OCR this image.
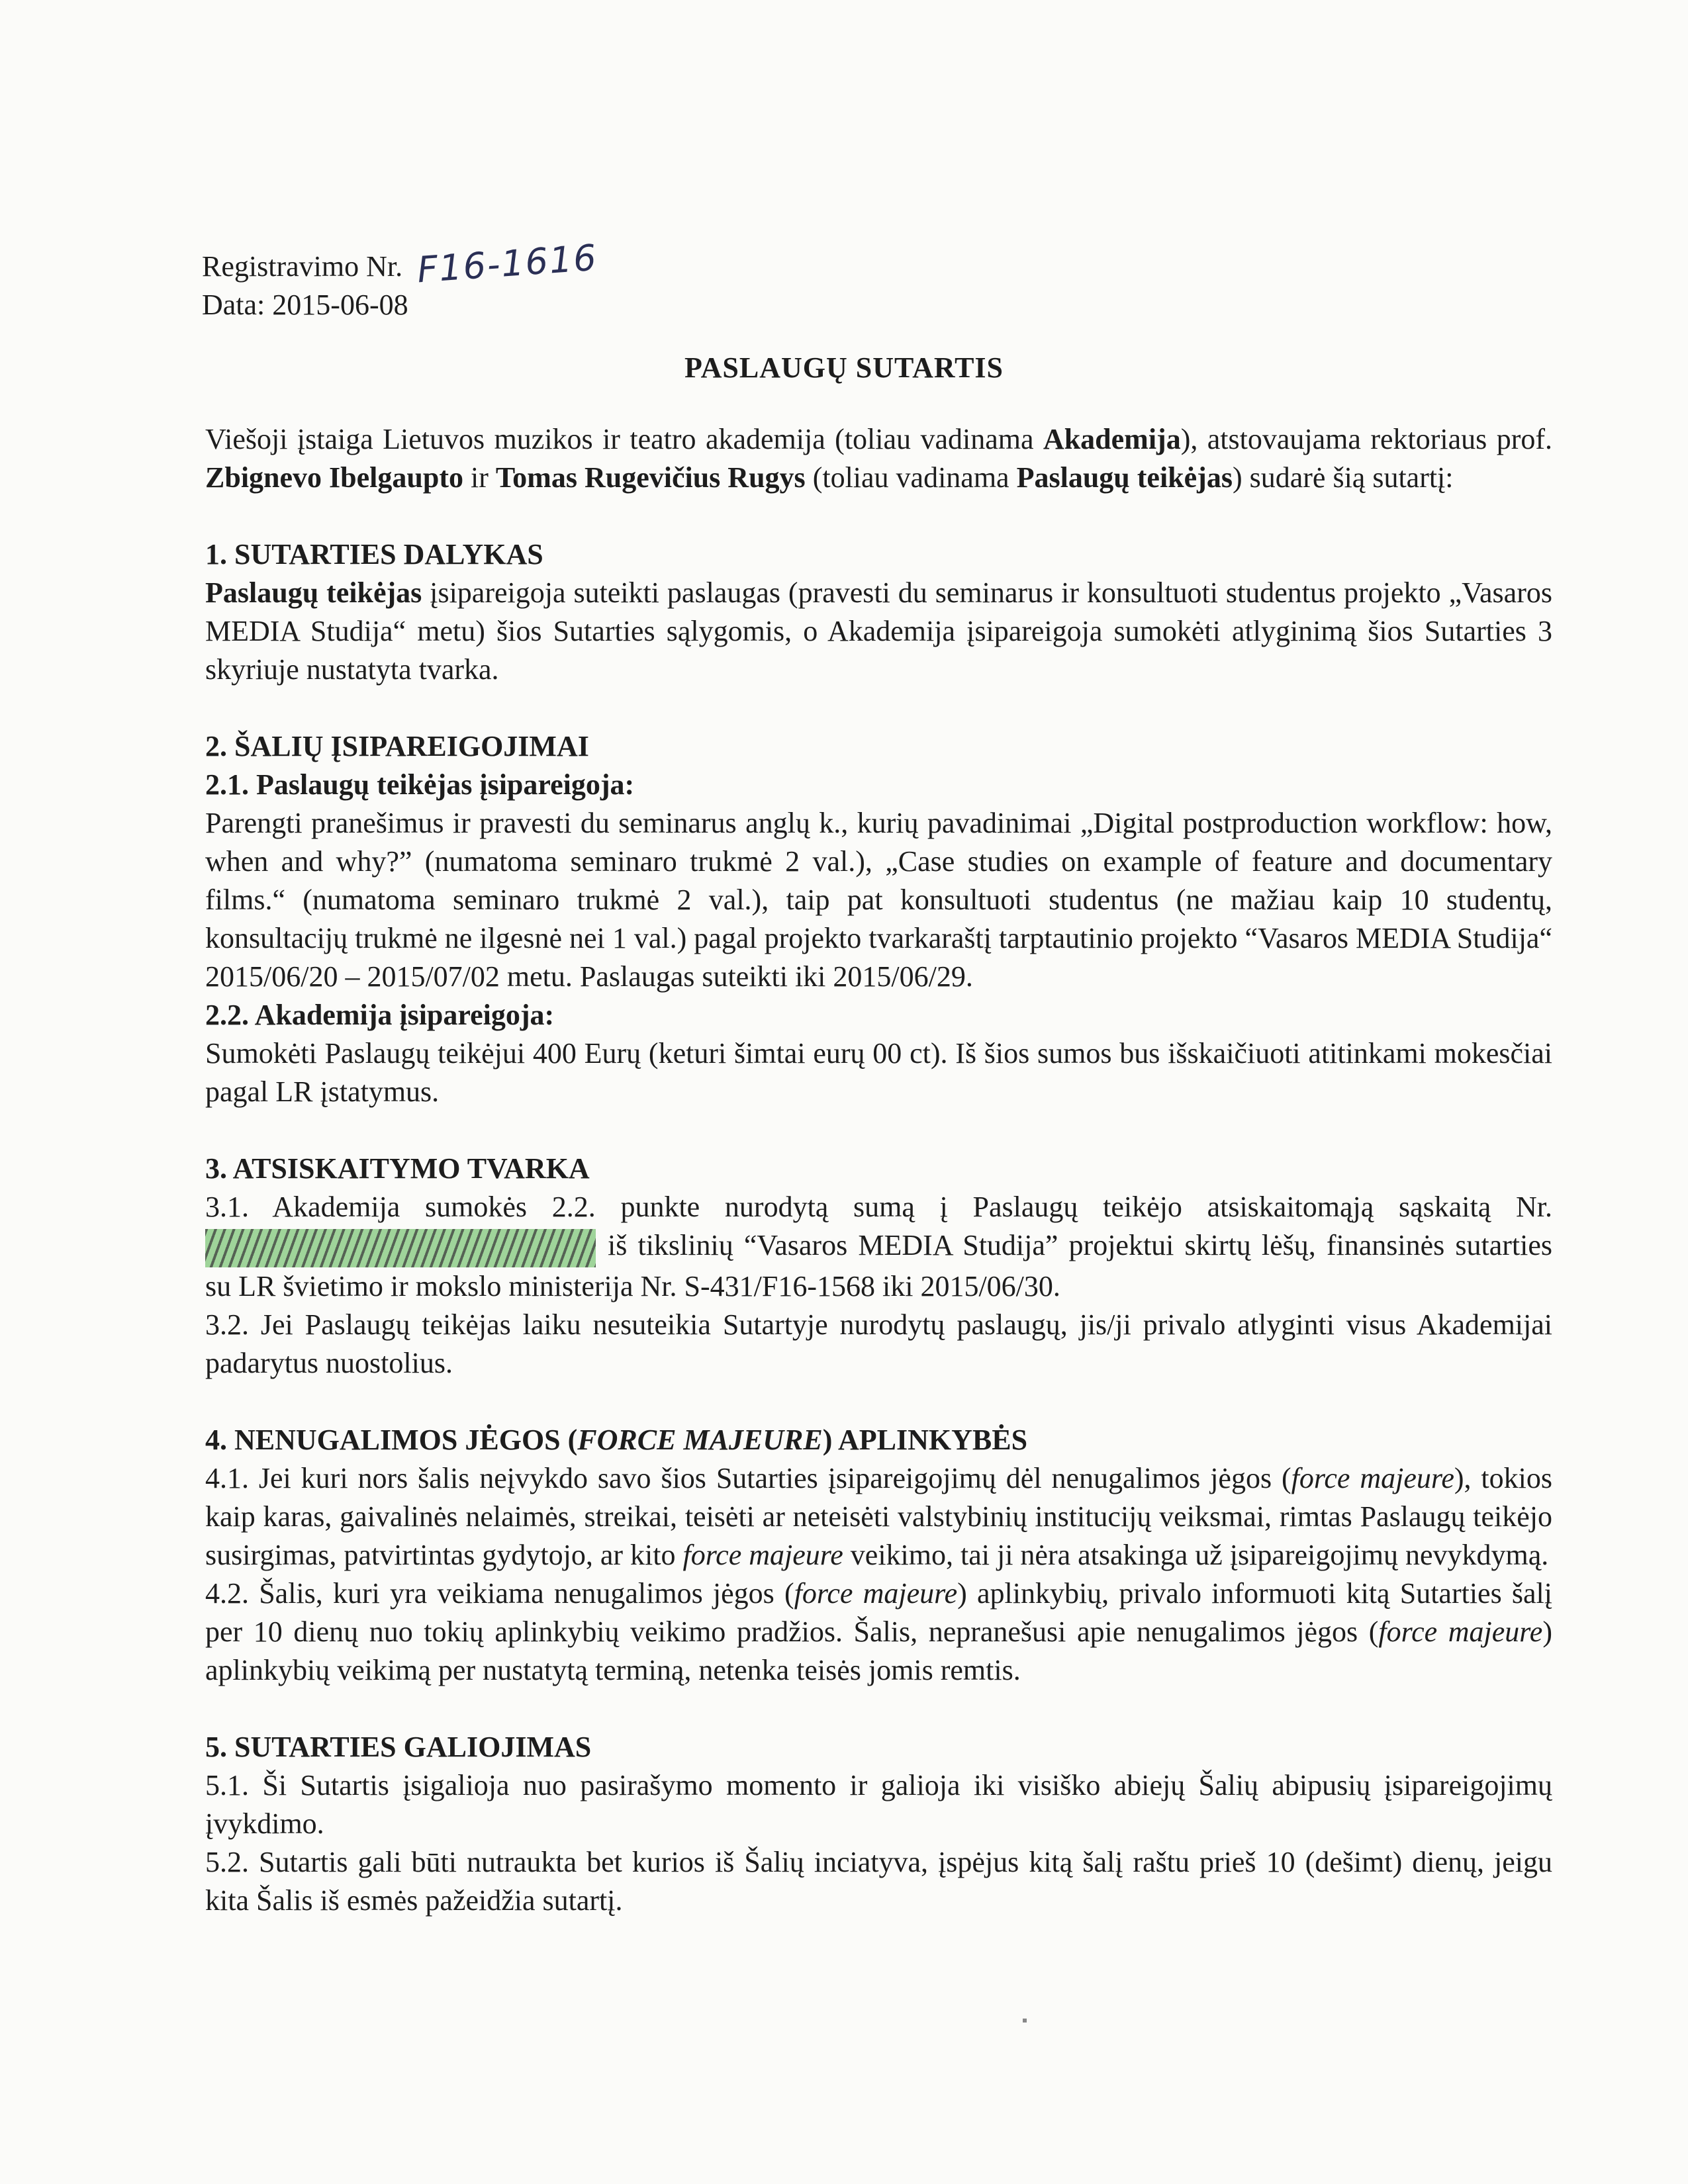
Registravimo Nr. F16-1616
Data:
2015-06-08
PASLAUGŲ SUTARTIS

Viešoji įstaiga Lietuvos muzikos ir teatro akademija (toliau vadinama Akademija), atstovaujama rektoriaus prof. Zbignevo Ibelgaupto ir Tomas Rugevičius Rugys (toliau vadinama Paslaugų teikėjas) sudarė šią sutartį:

1. SUTARTIES DALYKAS

Paslaugų teikėjas įsipareigoja suteikti paslaugas (pravesti du seminarus ir konsultuoti studentus projekto „Vasaros MEDIA Studija“ metu) šios Sutarties sąlygomis, o Akademija įsipareigoja sumokėti atlyginimą šios Sutarties 3 skyriuje nustatyta tvarka.

2. ŠALIŲ ĮSIPAREIGOJIMAI

2.1. Paslaugų teikėjas įsipareigoja:

Parengti pranešimus ir pravesti du seminarus anglų k., kurių pavadinimai „Digital postproduction workflow: how, when and why?” (numatoma seminaro trukmė 2 val.), „Case studies on example of feature and documentary films.“ (numatoma seminaro trukmė 2 val.), taip pat konsultuoti studentus (ne mažiau kaip 10 studentų, konsultacijų trukmė ne ilgesnė nei 1 val.) pagal projekto tvarkaraštį tarptautinio projekto “Vasaros MEDIA Studija“ 2015/06/20 – 2015/07/02 metu. Paslaugas suteikti iki 2015/06/29.

2.2. Akademija įsipareigoja:

Sumokėti Paslaugų teikėjui 400 Eurų (keturi šimtai eurų 00 ct). Iš šios sumos bus išskaičiuoti atitinkami mokesčiai pagal LR įstatymus.

3. ATSISKAITYMO TVARKA

3.1. Akademija sumokės 2.2. punkte nurodytą sumą į Paslaugų teikėjo atsiskaitomąją sąskaitą Nr. iš tikslinių “Vasaros MEDIA Studija” projektui skirtų lėšų, finansinės sutarties su LR švietimo ir mokslo ministerija Nr. S-431/F16-1568 iki 2015/06/30.

3.2. Jei Paslaugų teikėjas laiku nesuteikia Sutartyje nurodytų paslaugų, jis/ji privalo atlyginti visus Akademijai padarytus nuostolius.

4. NENUGALIMOS JĖGOS (FORCE MAJEURE) APLINKYBĖS

4.1. Jei kuri nors šalis neįvykdo savo šios Sutarties įsipareigojimų dėl nenugalimos jėgos (force majeure), tokios kaip karas, gaivalinės nelaimės, streikai, teisėti ar neteisėti valstybinių institucijų veiksmai, rimtas Paslaugų teikėjo susirgimas, patvirtintas gydytojo, ar kito force majeure veikimo, tai ji nėra atsakinga už įsipareigojimų nevykdymą.

4.2. Šalis, kuri yra veikiama nenugalimos jėgos (force majeure) aplinkybių, privalo informuoti kitą Sutarties šalį per 10 dienų nuo tokių aplinkybių veikimo pradžios. Šalis, nepranešusi apie nenugalimos jėgos (force majeure) aplinkybių veikimą per nustatytą terminą, netenka teisės jomis remtis.

5. SUTARTIES GALIOJIMAS

5.1. Ši Sutartis įsigalioja nuo pasirašymo momento ir galioja iki visiško abiejų Šalių abipusių įsipareigojimų įvykdimo.

5.2. Sutartis gali būti nutraukta bet kurios iš Šalių inciatyva, įspėjus kitą šalį raštu prieš 10 (dešimt) dienų, jeigu kita Šalis iš esmės pažeidžia sutartį.
